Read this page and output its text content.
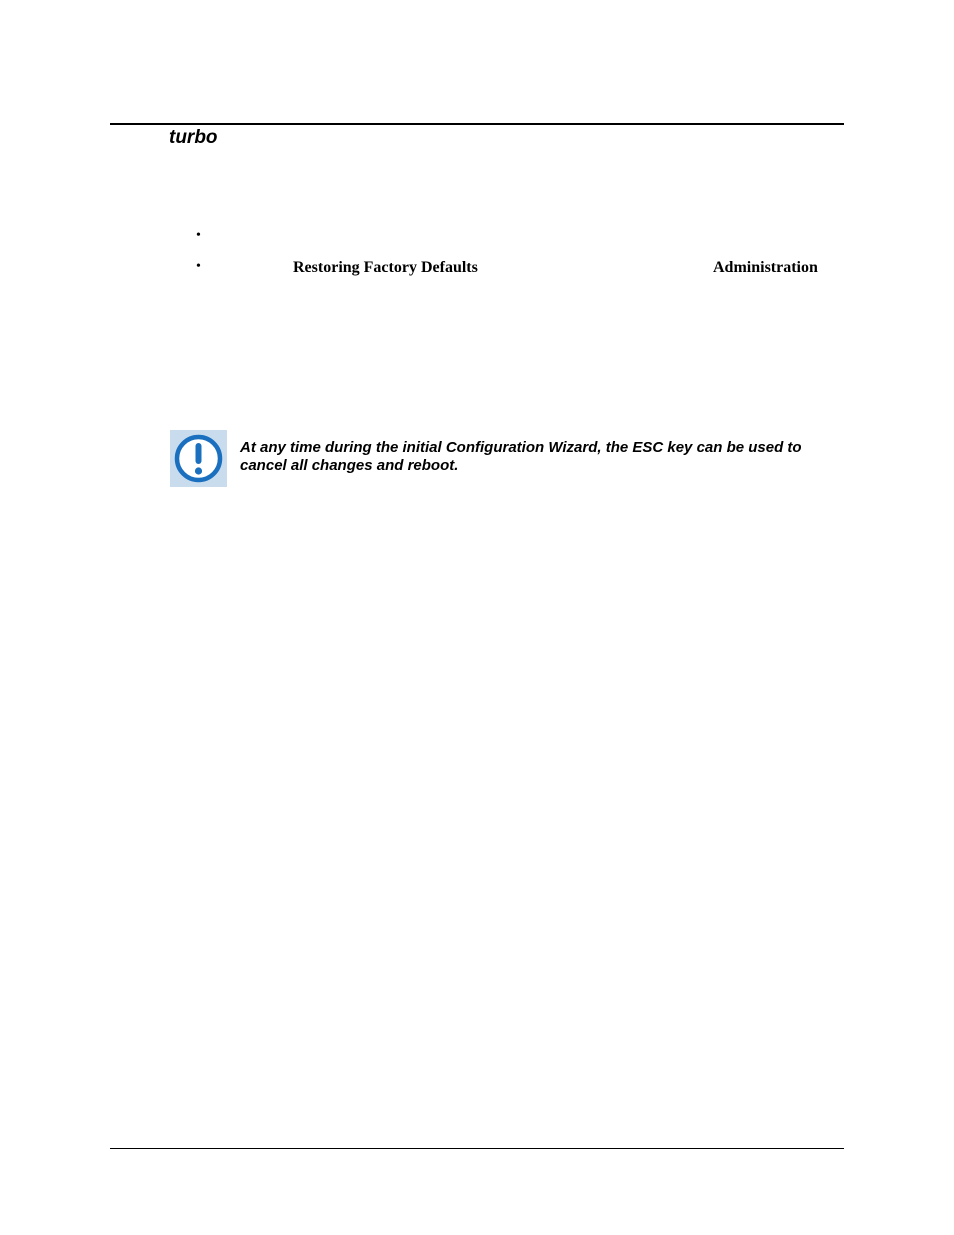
turbo
•
•	Restoring Factory Defaults	Administration
At any time during the initial Configuration Wizard, the ESC key can be used to cancel all changes and reboot.
